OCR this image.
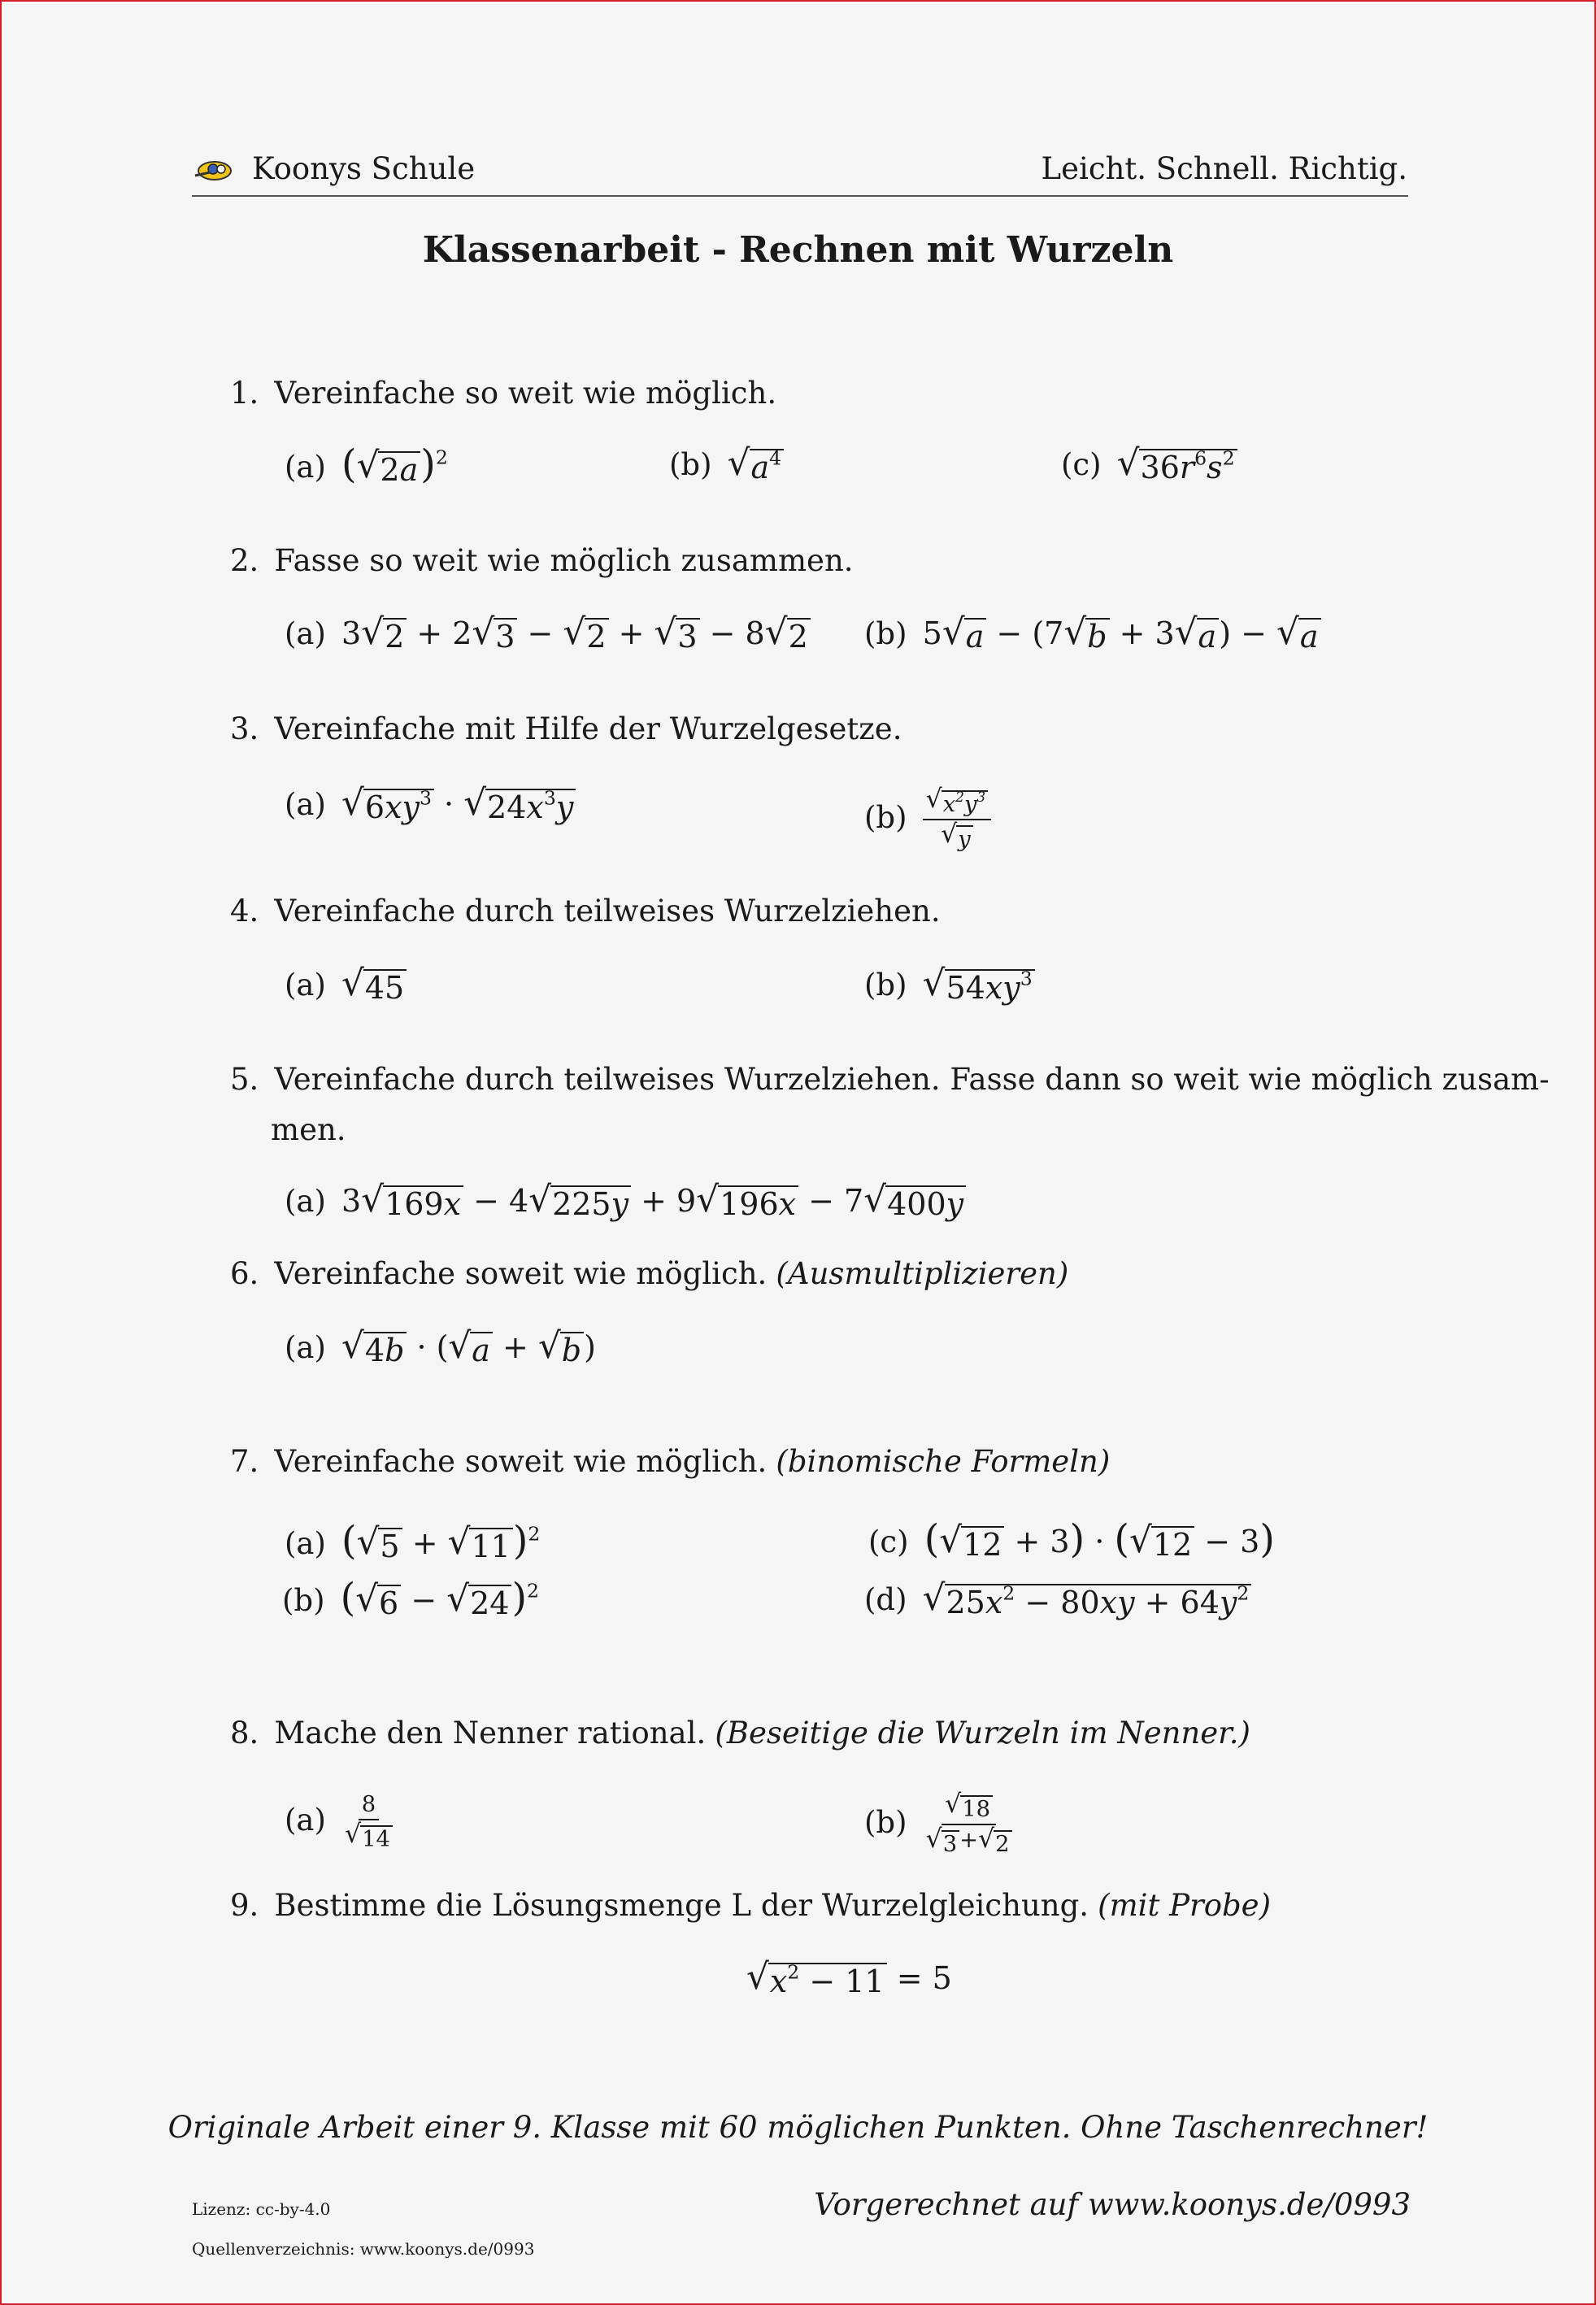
Koonys Schule	Leicht. Schnell. Richtig.
Klassenarbeit - Rechnen mit Wurzeln
1. Vereinfache so weit wie möglich.
(a) ( √ 2a )$^2$	(b) √ $a^4$	(c) √ $36r^6s^2$
2. Fasse so weit wie möglich zusammen.
(a) 3 √ 2 + 2 √ 3 − √ 2 + √ 3 − 8 √ 2 (b) 5 √ a − (7 √ b + 3 √ a ) − √ a
3. Vereinfache mit Hilfe der Wurzelgesetze.
(a) √ $6xy^3$ · √ $24x^3y$	$(b) \frac{√ x^2y^3}{√ y}$
4. Vereinfache durch teilweises Wurzelziehen.
(a) √ 45	(b) √ $54xy^3$
5. Vereinfache durch teilweises Wurzelziehen. Fasse dann so weit wie möglich zusam-
men.
(a) 3 √ 169x − 4 √ 225y + 9 √ 196x − 7 √ 400y
6. Vereinfache soweit wie möglich. (Ausmultiplizieren)
(a) √ 4b · ( √ a + √ b )
7. Vereinfache soweit wie möglich. (binomische Formeln)
(a) ( √ 5 + √ 11 )$^2$
(b) ( √ 6 − √ 24 )$^2$
(c) ( √ 12 + 3) · ( √ 12 − 3)
(d) √ $25x^2 - 80xy + 64y^2$
8. Mache den Nenner rational. (Beseitige die Wurzeln im Nenner.)
$(a) \frac{8}{√ 14}$	$(b) \frac{√ 18}{√ 3 + √ 2}$
9. Bestimme die Lösungsmenge L der Wurzelgleichung. (mit Probe)
√ $x^2 - 11 = 5$
Originale Arbeit einer 9. Klasse mit 60 möglichen Punkten. Ohne Taschenrechner!
Lizenz: cc-by-4.0
Quellenverzeichnis: www.koonys.de/0993
Vorgerechnet auf www.koonys.de/0993
